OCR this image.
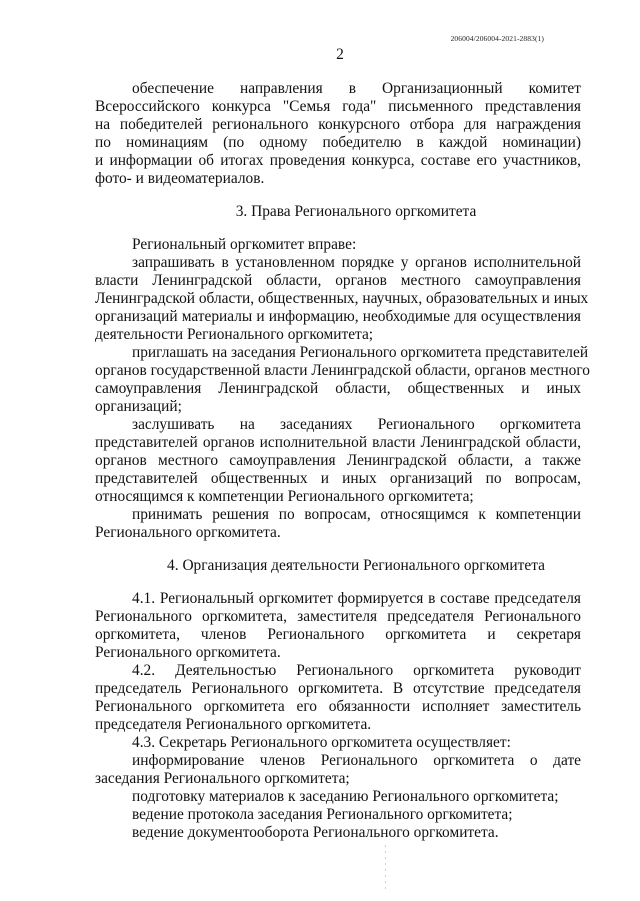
206004/206004-2021-2883(1)
2
обеспечение направления в Организационный комитет
Всероссийского конкурса "Семья года" письменного представления
на победителей регионального конкурсного отбора для награждения
по номинациям (по одному победителю в каждой номинации)
и информации об итогах проведения конкурса, составе его участников,
фото- и видеоматериалов.
3. Права Регионального оргкомитета
Региональный оргкомитет вправе:
запрашивать в установленном порядке у органов исполнительной
власти Ленинградской области, органов местного самоуправления
Ленинградской области, общественных, научных, образовательных и иных
организаций материалы и информацию, необходимые для осуществления
деятельности Регионального оргкомитета;
приглашать на заседания Регионального оргкомитета представителей
органов государственной власти Ленинградской области, органов местного
самоуправления Ленинградской области, общественных и иных
организаций;
заслушивать на заседаниях Регионального оргкомитета
представителей органов исполнительной власти Ленинградской области,
органов местного самоуправления Ленинградской области, а также
представителей общественных и иных организаций по вопросам,
относящимся к компетенции Регионального оргкомитета;
принимать решения по вопросам, относящимся к компетенции
Регионального оргкомитета.
4. Организация деятельности Регионального оргкомитета
4.1. Региональный оргкомитет формируется в составе председателя
Регионального оргкомитета, заместителя председателя Регионального
оргкомитета, членов Регионального оргкомитета и секретаря
Регионального оргкомитета.
4.2. Деятельностью Регионального оргкомитета руководит
председатель Регионального оргкомитета. В отсутствие председателя
Регионального оргкомитета его обязанности исполняет заместитель
председателя Регионального оргкомитета.
4.3. Секретарь Регионального оргкомитета осуществляет:
информирование членов Регионального оргкомитета о дате
заседания Регионального оргкомитета;
подготовку материалов к заседанию Регионального оргкомитета;
ведение протокола заседания Регионального оргкомитета;
ведение документооборота Регионального оргкомитета.
